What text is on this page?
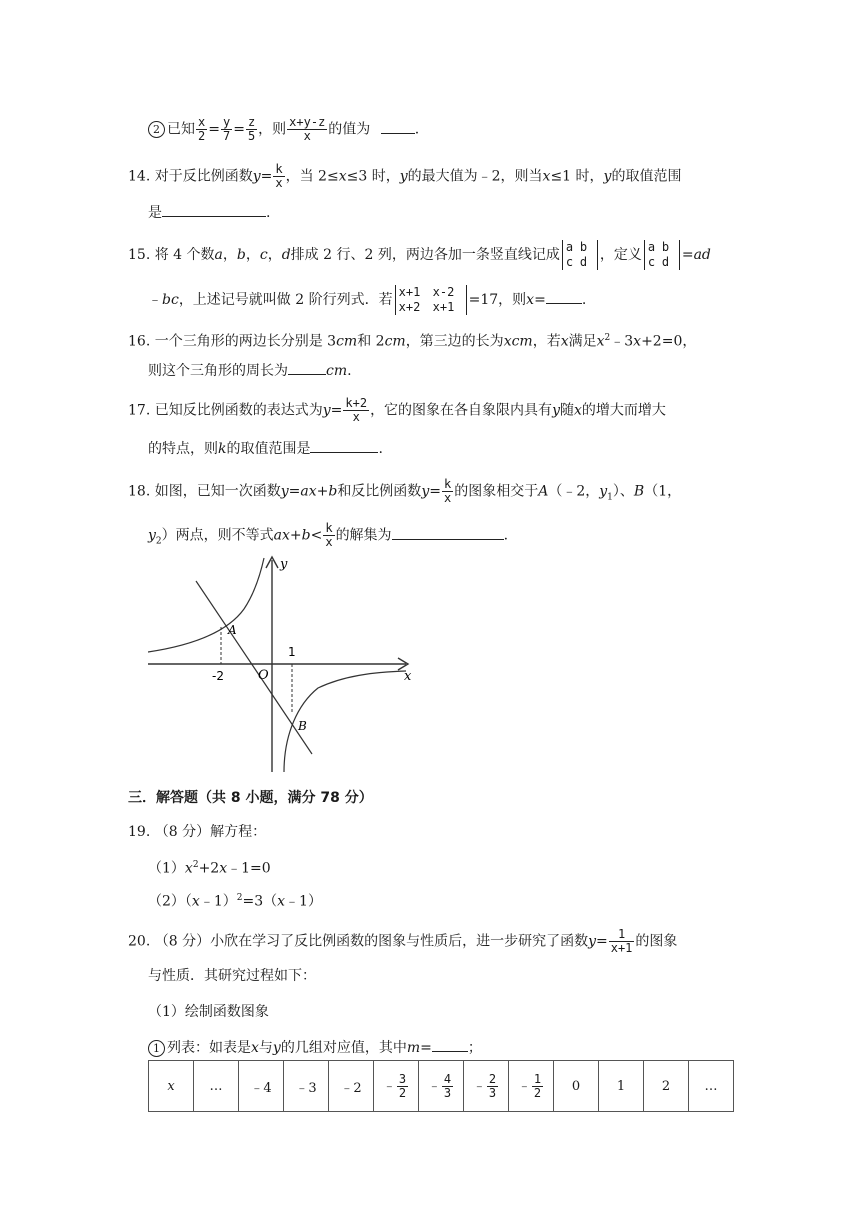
2 已知 $\frac{x}{2} = \frac{y}{7} = \frac{z}{5}$ ，则 $\frac{x+y-z}{x}$ 的值为	.
14. 对于反比例函数$y= \frac{k}{x}$ ，当 2≤x≤3 时，y的最大值为﹣2，则当x≤1 时，y的取值范围
是	.
15. 将 4 个数a，b，c，d排成 2 行、2 列，两边各加一条竖直线记成 a b
c d ，定义 a b
c d =ad
﹣bc，上述记号就叫做 2 阶行列式．若 x+1 x-2
x+2 x+1 =17，则x=	.
16. 一个三角形的两边长分别是 3cm和 2cm，第三边的长为xcm，若x满足$x^2﹣3x+2=0$，
则这个三角形的周长为	cm.
17. 已知反比例函数的表达式为$y= \frac{k+2}{x}$ ，它的图象在各自象限内具有y随x的增大而增大
的特点，则k的取值范围是	.
18. 如图，已知一次函数y=ax+b和反比例函数$y= \frac{k}{x}$ 的图象相交于A（﹣2，$y_1$）、B（1，
$y_2$）两点，则不等式$ax+b< \frac{k}{x}$ 的解集为	.
y
x
O
-2
1
A
B
三．解答题（共 8 小题，满分 78 分）
19. （8 分）解方程：
$(1)x^2+2x﹣1=0$
（2）（x﹣1）$^2$=3（x﹣1）
20. （8 分）小欣在学习了反比例函数的图象与性质后，进一步研究了函数$y= \frac{1}{x+1}$ 的图象
与性质．其研究过程如下：
（1）绘制函数图象
1 列表：如表是x与y的几组对应值，其中m=	；
x	…	﹣4	﹣3	﹣2	﹣ $\frac{3}{2}$	﹣ $\frac{4}{3}$	﹣ $\frac{2}{3}$	﹣ $\frac{1}{2}$	0	1	2	…
